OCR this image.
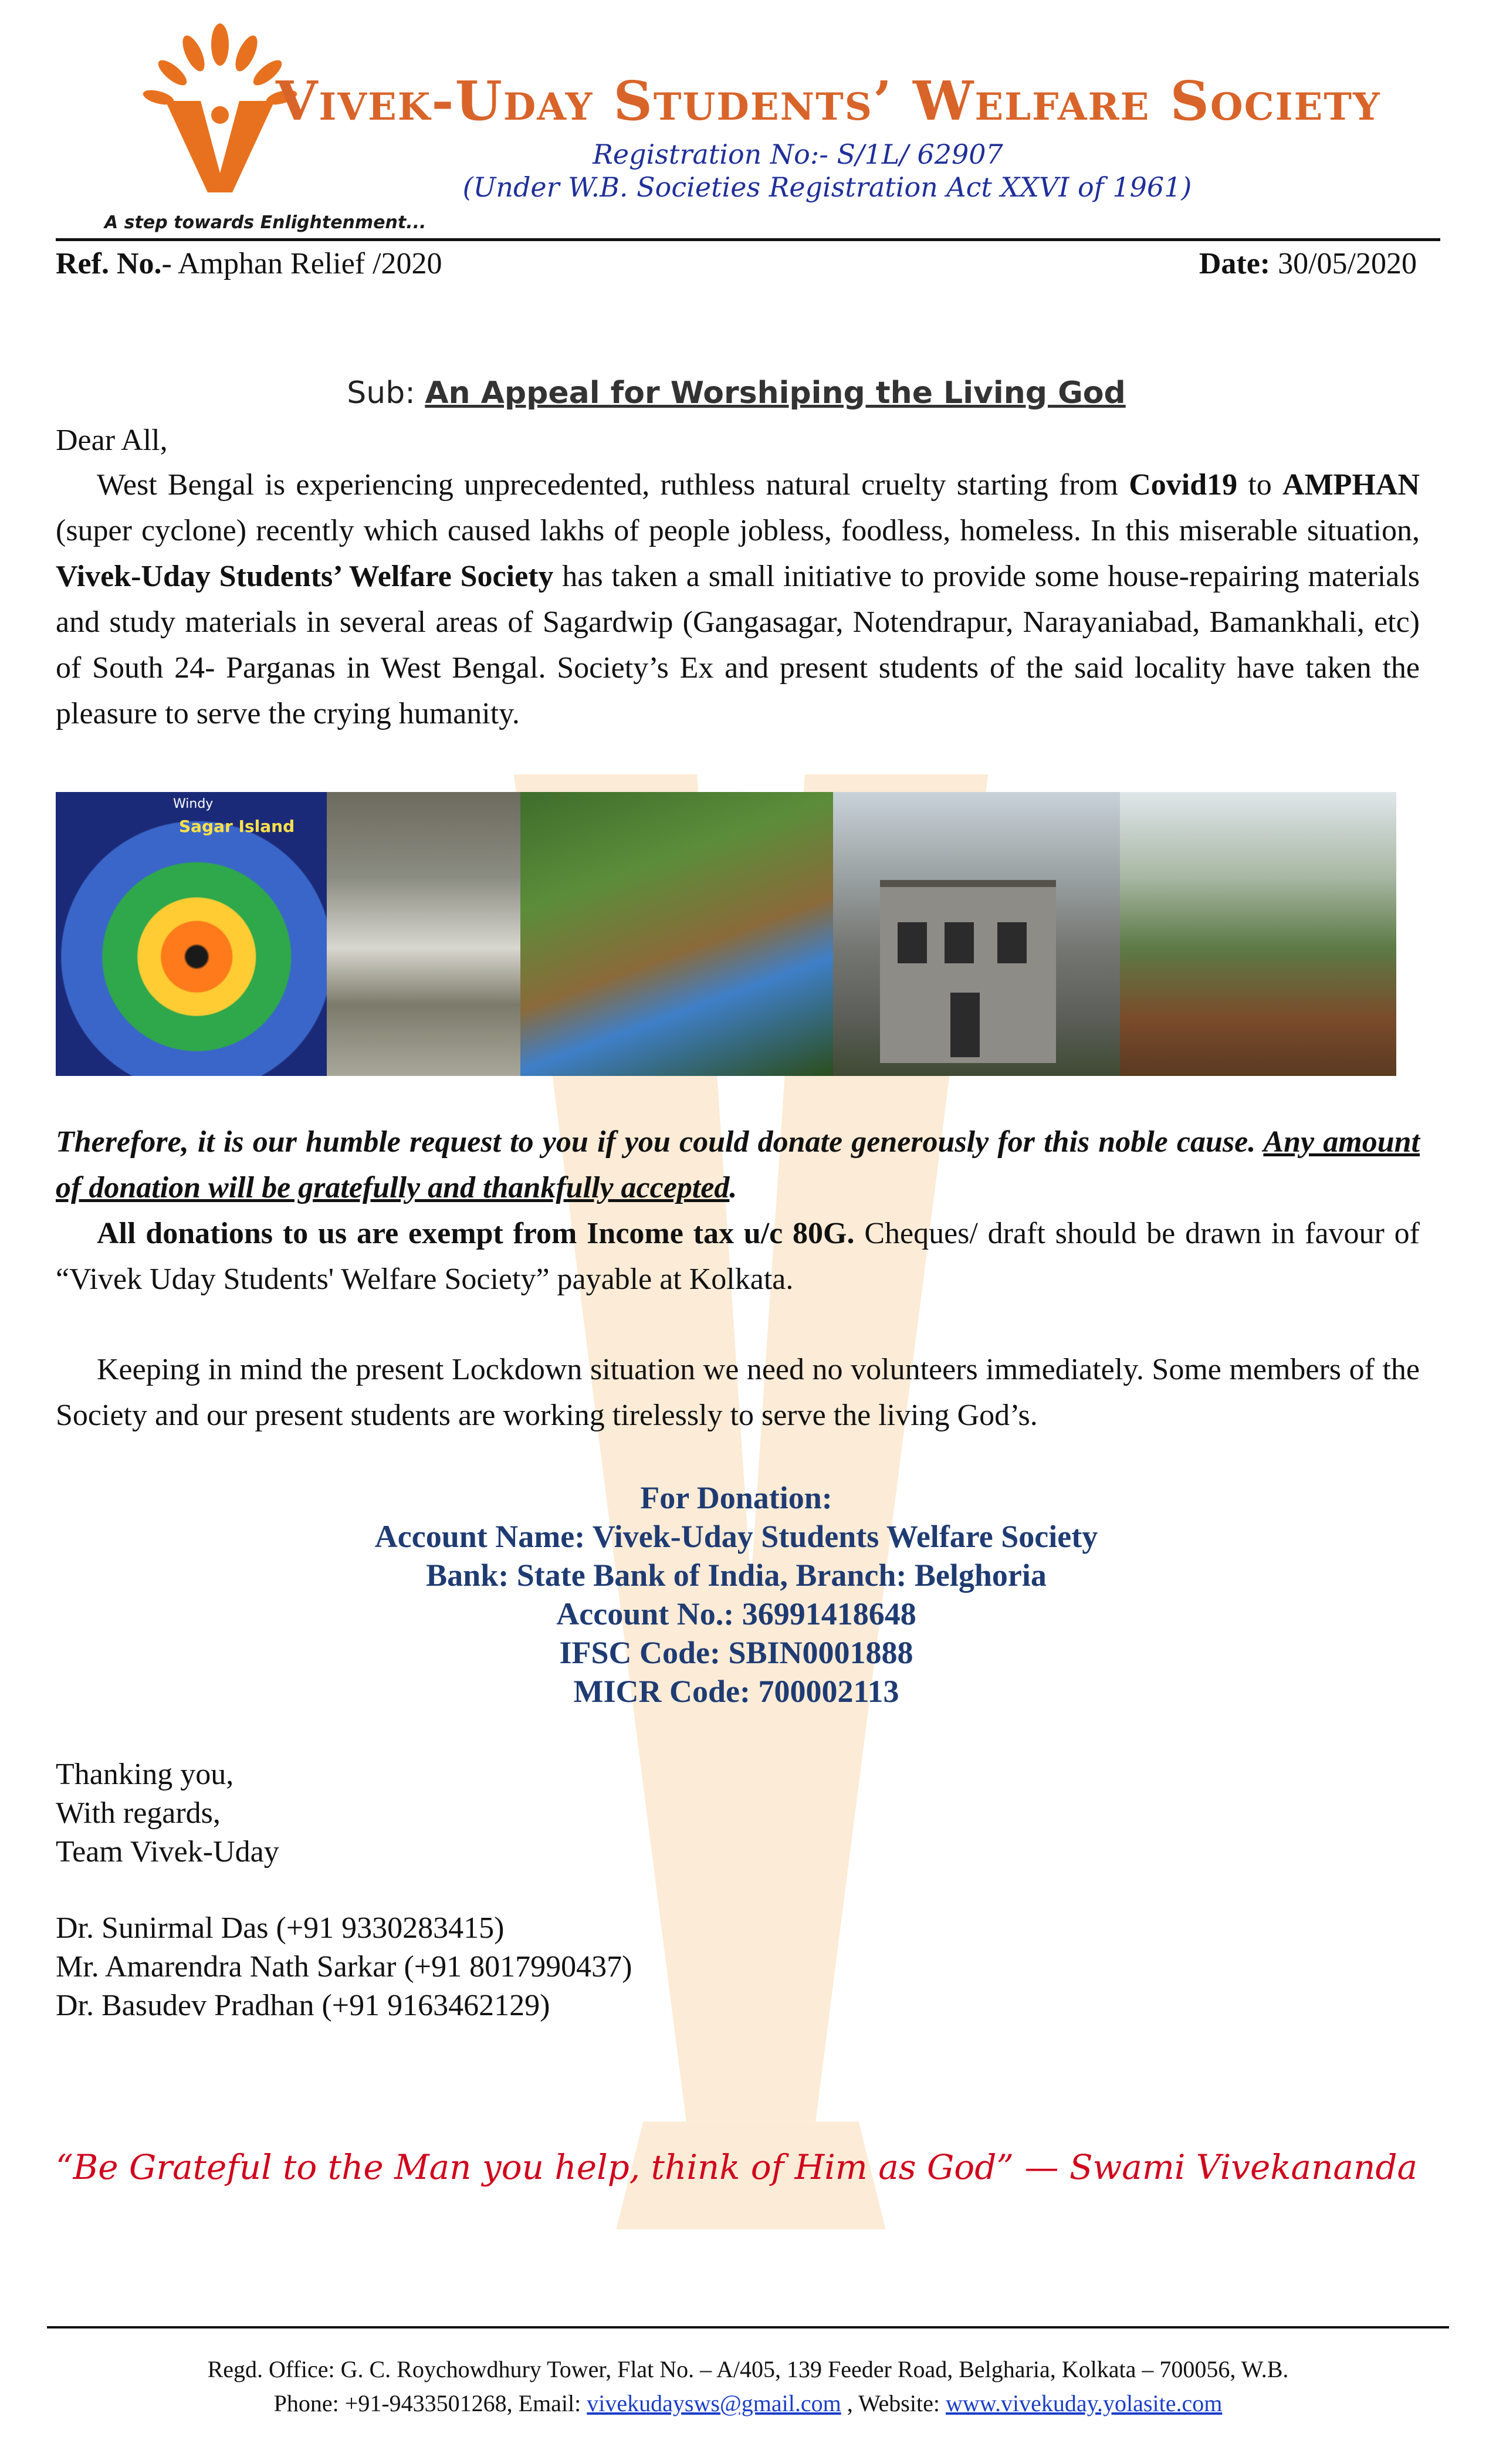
Vivek-Uday Students’ Welfare Society
Registration No:- S/1L/ 62907
(Under W.B. Societies Registration Act XXVI of 1961)
A step towards Enlightenment...
Ref. No.- Amphan Relief /2020	Date: 30/05/2020
Sub: An Appeal for Worshiping the Living God
Dear All,
West Bengal is experiencing unprecedented, ruthless natural cruelty starting from Covid19 to AMPHAN (super cyclone) recently which caused lakhs of people jobless, foodless, homeless. In this miserable situation, Vivek-Uday Students’ Welfare Society has taken a small initiative to provide some house-repairing materials and study materials in several areas of Sagardwip (Gangasagar, Notendrapur, Narayaniabad, Bamankhali, etc) of South 24- Parganas in West Bengal. Society’s Ex and present students of the said locality have taken the pleasure to serve the crying humanity.
Windy
Sagar Island
Therefore, it is our humble request to you if you could donate generously for this noble cause. Any amount of donation will be gratefully and thankfully accepted.
All donations to us are exempt from Income tax u/c 80G. Cheques/ draft should be drawn in favour of “Vivek Uday Students' Welfare Society” payable at Kolkata.
Keeping in mind the present Lockdown situation we need no volunteers immediately. Some members of the Society and our present students are working tirelessly to serve the living God’s.
For Donation:
Account Name: Vivek-Uday Students Welfare Society
Bank: State Bank of India, Branch: Belghoria
Account No.: 36991418648
IFSC Code: SBIN0001888
MICR Code: 700002113
Thanking you,
With regards,
Team Vivek-Uday
Dr. Sunirmal Das (+91 9330283415)
Mr. Amarendra Nath Sarkar (+91 8017990437)
Dr. Basudev Pradhan (+91 9163462129)
“Be Grateful to the Man you help, think of Him as God” — Swami Vivekananda
Regd. Office: G. C. Roychowdhury Tower, Flat No. – A/405, 139 Feeder Road, Belgharia, Kolkata – 700056, W.B.
Phone: +91-9433501268, Email: vivekudaysws@gmail.com , Website: www.vivekuday.yolasite.com
